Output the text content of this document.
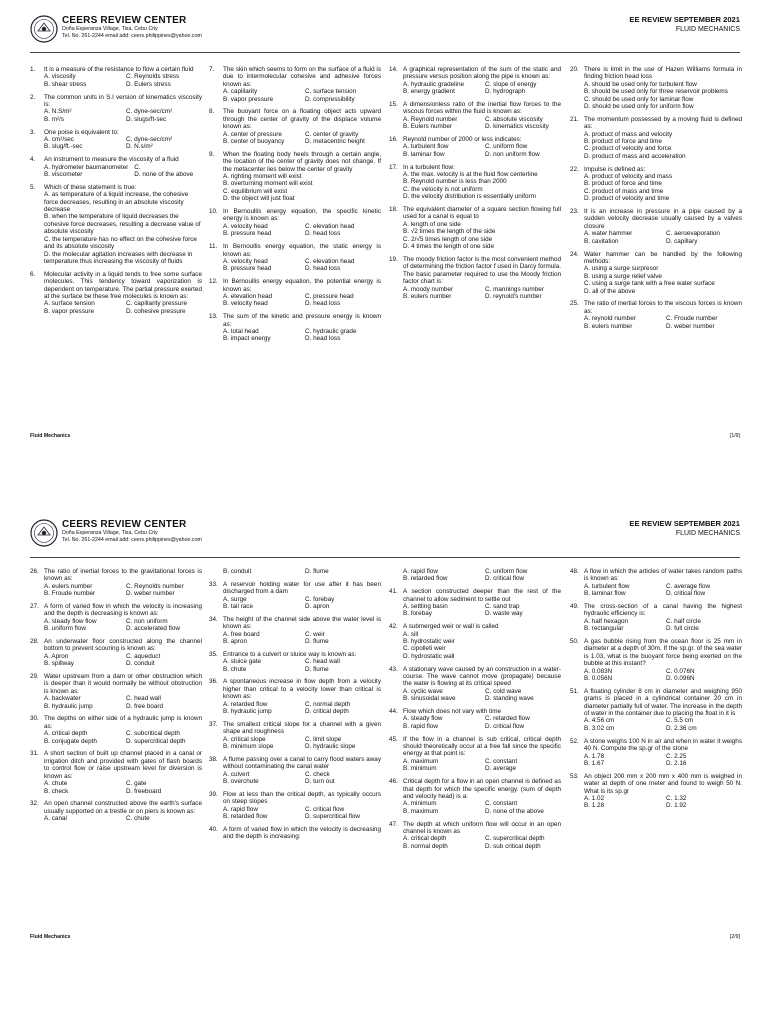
CEERS REVIEW CENTER
Doña Esperanza Village, Tisa, Cebu City
Tel. No. 261-2244 email add: ceers.philippines@yahoo.com
EE REVIEW SEPTEMBER 2021
FLUID MECHANICS
1.	It is a measure of the resistance to flow a certain fluid
A. viscosity	C. Reynolds stress
B. shear stress	D. Eulers stress
2.	The common units in S.I version of kinematics viscosity is:
A. N.S/m²	C. dyne-sec/cm²
B. m²/s	D. slugs/ft-sec
3.	One poise is equivalent to:
A. cm²/sec	C. dyne-sec/cm²
B. slug/ft.-sec	D. N.s/m²
4.	An instrument to measure the viscosity of a fluid
A. hydrometer baumanometer C.
B. viscometer	D. none of the above
5.	Which of these statement is true:
A. as temperature of a liquid increase, the cohesive force decreases, resulting in an absolute viscosity decrease
B. when the temperature of liquid decreases the cohesive force decreases, resulting a decrease value of absolute viscosity
C. the temperature has no effect on the cohesive force and its absolute viscosity
D. the molecular agitation increases with decrease in temperature thus increasing the viscosity of fluids
6.	Molecular activity in a liquid tends to free some surface molecules. This tendency toward vaporization is dependent on temperature. The partial pressure exerted at the surface be these free molecules is known as:
A. surface tension	C. capillarity pressure
B. vapor pressure	D. cohesive pressure
7.	The skin which seems to form on the surface of a fluid is due to intermolecular cohesive and adhesive forces known as:
A. capillarity	C. surface tension
B. vapor pressure	D. compressibility
8.	The buoyant force on a floating object acts upward through the center of gravity of the displace volume known as:
A. center of pressure	C. center of gravity
B. center of buoyancy	D. metacentric height
9.	When the floating body heels through a certain angle, the location of the center of gravity does not change. If the metacenter lies below the center of gravity
A. righting moment will exist
B. overturning moment will exist
C. equilibrium will exist
D. the object will just float
10. In Bernoullis energy equation, the specific kinetic energy is known as:
A. velocity head	C. elevation head
B. pressure head	D. head loss
11. In Bernoullis energy equation, the static energy is known as:
A. velocity head	C. elevation head
B. pressure head	D. head loss
12. In Bernoullis energy equation, the potential energy is known as:
A. elevation head	C. pressure head
B. velocity head	D. head loss
13. The sum of the kinetic and pressure energy is known as:
A. total head	C. hydraulic grade
B. impact energy	D. head loss
14. A graphical representation of the sum of the static and pressure versus position along the pipe is known as:
A. hydraulic gradeline	C. slope of energy
B. energy gradient	D. hydrograph
15. A dimensionless ratio of the inertial flow forces to the viscous forces within the fluid is known as:
A. Reynold number	C. absolute viscosity
B. Eulers number	D. kinematics viscosity
16. Reynold number of 2000 or less indicates:
A. turbulent flow	C. uniform flow
B. laminar flow	D. non uniform flow
17. In a turbulent flow:
A. the max. velocity is at the fluid flow centerline
B. Reynold number is less than 2000
C. the velocity is not uniform
D. the velocity distribution is essentially uniform
18. The equivalent diameter of a square section flowing full used for a canal is equal to
A. length of one side
B. √2 times the length of the side
C. 2/√5 times length of one side
D. 4 times the length of one side
19. The moody friction factor is the most convenient method of determining the friction factor f used in Darcy formula. The basic parameter required to use the Moody friction factor chart is:
A. moody number	C. mannings number
B. eulers number	D. reynold's number
20. There is limit in the use of Hazen Williams formula in finding friction head loss
A. should be used only for turbulent flow
B. should be used only for three reservoir problems
C. should be used only for laminar flow
D. should be used only for uniform flow
21. The momentum possessed by a moving fluid is defined as:
A. product of mass and velocity
B. product of force and time
C. product of velocity and force
D. product of mass and acceleration
22. Impulse is defined as:
A. product of velocity and mass
B. product of force and time
C. product of mass and time
D. product of velocity and time
23. It is an increase in pressure in a pipe caused by a sudden velocity decrease usually caused by a valves closure
A. water hammer	C. aeroevaporation
B. cavitation	D. capillary
24. Water hammer can be handled by the following methods:
A. using a surge surpresor
B. using a surge relief valve
C. using a surge tank with a free water surface
D. all of the above
25. The ratio of inertial forces to the viscous forces is known as:
A. reynold number	C. Froude number
B. eulers number	D. weber number
Fluid Mechanics	[1/9]
CEERS REVIEW CENTER
Doña Esperanza Village, Tisa, Cebu City
Tel. No. 261-2244 email add: ceers.philippines@yahoo.com
EE REVIEW SEPTEMBER 2021
FLUID MECHANICS
26. The ratio of inertial forces to the gravitational forces is known as:
A. eulers number	C. Reynolds number
B. Froude number	D. weber number
27. A form of varied flow in which the velocity is increasing and the depth is decreasing is known as:
A. steady flow flow	C. non uniform
B. uniform flow	D. accelerated flow
28. An underwater floor constructed along the channel bottom to prevent scouring is known as:
A. Apron	C. aqueduct
B. spillway	D. conduit
29. Water upstream from a dam or other obstruction which is deeper than it would normally be without obstruction is known as:
A. backwater	C. head wall
B. hydraulic jump	D. free board
30. The depths on either side of a hydraulic jump is known as:
A. critical depth	C. subcritical depth
B. conjugate depth	D. supercritical depth
31. A short section of built up channel placed in a canal or irrigation ditch and provided with gates of flash boards to control flow or raise upstream level for diversion is known as:
A. chute	C. gate
B. check	D. freeboard
32. An open channel constructed above the earth's surface usually supported on a trestle or on piers is known as:
A. canal	C. chute
B. conduit	D. flume
33. A reservoir holding water for use after it has been discharged from a dam
A. surge	C. forebay
B. tail race	D. apron
34. The height of the channel side above the water level is known as:
A. free board	C. weir
B. apron	D. flume
35. Entrance to a culvert or sluice way is known as:
A. sluice gate	C. head wall
B. chute	D. flume
36. A spontaneous increase in flow depth from a velocity higher than critical to a velocity lower than critical is known as:
A. retarded flow	C. normal depth
B. hydraulic jump	D. critical depth
37. The smallest critical slope for a channel with a given shape and roughness
A. critical slope	C. limit slope
B. minimum slope	D. hydraulic slope
38. A flume passing over a canal to carry flood waters away without contaminating the canal water
A. culvert	C. check
B. overchute	D. turn out
39. Flow at less than the critical depth, as typically occurs on steep slopes
A. rapid flow	C. critical flow
B. retarded flow	D. supercritical flow
40. A form of varied flow in which the velocity is decreasing and the depth is increasing:
A. rapid flow	C. uniform flow
B. retarded flow	D. critical flow
41. A section constructed deeper than the rest of the channel to allow sediment to settle out
A. settling basin	C. sand trap
B. forebay	D. waste way
42. A submerged weir or wall is called
A. sill
B. hydrostatic weir
C. cipolleti weir
D. hydrostatic wall
43. A stationary wave caused by an construction in a water-course. The wave cannot move (propagate) because the water is flowing at its critical speed
A. cyclic wave	C. cold wave
B. sinusoidal wave	D. standing wave
44. Flow which does not vary with time
A. steady flow	C. retarded flow
B. rapid flow	D. critical flow
45. If the flow in a channel is sub critical, critical depth should theoretically occur at a free fall since the specific energy at that point is:
A. maximum	C. constant
B. minimum	D. average
46. Critical depth for a flow in an open channel is defined as that depth for which the specific energy. (sum of depth and velocity head) is a:
A. minimum	C. constant
B. maximum	D. none of the above
47. The depth at which uniform flow will occur in an open channel is known as
A. critical depth	C. supercritical depth
B. normal depth	D. sub critical depth
48. A flow in which the articles of water takes random paths is known as:
A. turbulent flow	C. average flow
B. laminar flow	D. critical flow
49. The cross-section of a canal having the highest hydraulic efficiency is:
A. half hexagon	C. half circle
B. rectangular	D. full circle
50. A gas bubble rising from the ocean floor is 25 mm in diameter at a depth of 30m. If the sp.gr. of the sea water is 1.03, what is the buoyant force being exerted on the bubble at this instant?
A. 0.083N	C. 0.076N
B. 0.056N	D. 0.096N
51. A floating cylinder 8 cm in diameter and weighing 950 grams is placed in a cylindrical container 20 cm in diameter partially full of water. The increase in the depth of water in the container due to placing the float in it is
A. 4.56 cm	C. 5.5 cm
B. 3.02 cm	D. 2.36 cm
52. A stone weighs 100 N in air and when in water it weighs 40 N. Compute the sp.gr of the stone
A. 1.78	C. 2.25
B. 1.67	D. 2.16
53. An object 200 mm x 200 mm x 400 mm is weighed in water at depth of one meter and found to weigh 50 N. What is its sp.gr
A. 1.02	C. 1.32
B. 1.28	D. 1.92
Fluid Mechanics	[2/9]
